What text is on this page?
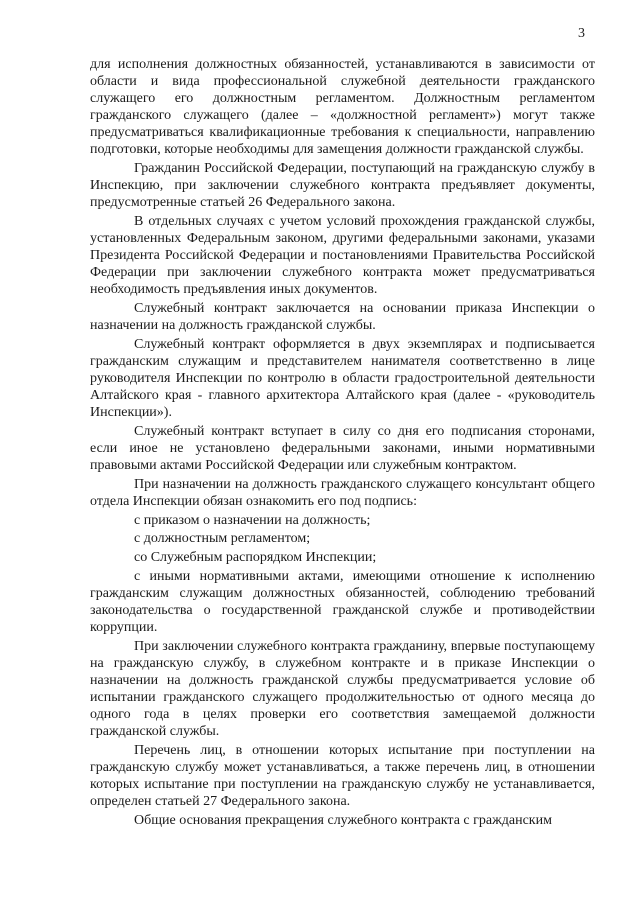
3

для исполнения должностных обязанностей, устанавливаются в зависимости от области и вида профессиональной служебной деятельности гражданского служащего его должностным регламентом. Должностным регламентом гражданского служащего (далее – «должностной регламент») могут также предусматриваться квалификационные требования к специальности, направлению подготовки, которые необходимы для замещения должности гражданской службы.

Гражданин Российской Федерации, поступающий на гражданскую службу в Инспекцию, при заключении служебного контракта предъявляет документы, предусмотренные статьей 26 Федерального закона.

В отдельных случаях с учетом условий прохождения гражданской службы, установленных Федеральным законом, другими федеральными законами, указами Президента Российской Федерации и постановлениями Правительства Российской Федерации при заключении служебного контракта может предусматриваться необходимость предъявления иных документов.

Служебный контракт заключается на основании приказа Инспекции о назначении на должность гражданской службы.

Служебный контракт оформляется в двух экземплярах и подписывается гражданским служащим и представителем нанимателя соответственно в лице руководителя Инспекции по контролю в области градостроительной деятельности Алтайского края - главного архитектора Алтайского края (далее - «руководитель Инспекции»).

Служебный контракт вступает в силу со дня его подписания сторонами, если иное не установлено федеральными законами, иными нормативными правовыми актами Российской Федерации или служебным контрактом.

При назначении на должность гражданского служащего консультант общего отдела Инспекции обязан ознакомить его под подпись:

с приказом о назначении на должность;

с должностным регламентом;

со Служебным распорядком Инспекции;

с иными нормативными актами, имеющими отношение к исполнению гражданским служащим должностных обязанностей, соблюдению требований законодательства о государственной гражданской службе и противодействии коррупции.

При заключении служебного контракта гражданину, впервые поступающему на гражданскую службу, в служебном контракте и в приказе Инспекции о назначении на должность гражданской службы предусматривается условие об испытании гражданского служащего продолжительностью от одного месяца до одного года в целях проверки его соответствия замещаемой должности гражданской службы.

Перечень лиц, в отношении которых испытание при поступлении на гражданскую службу может устанавливаться, а также перечень лиц, в отношении которых испытание при поступлении на гражданскую службу не устанавливается, определен статьей 27 Федерального закона.

Общие основания прекращения служебного контракта с гражданским
